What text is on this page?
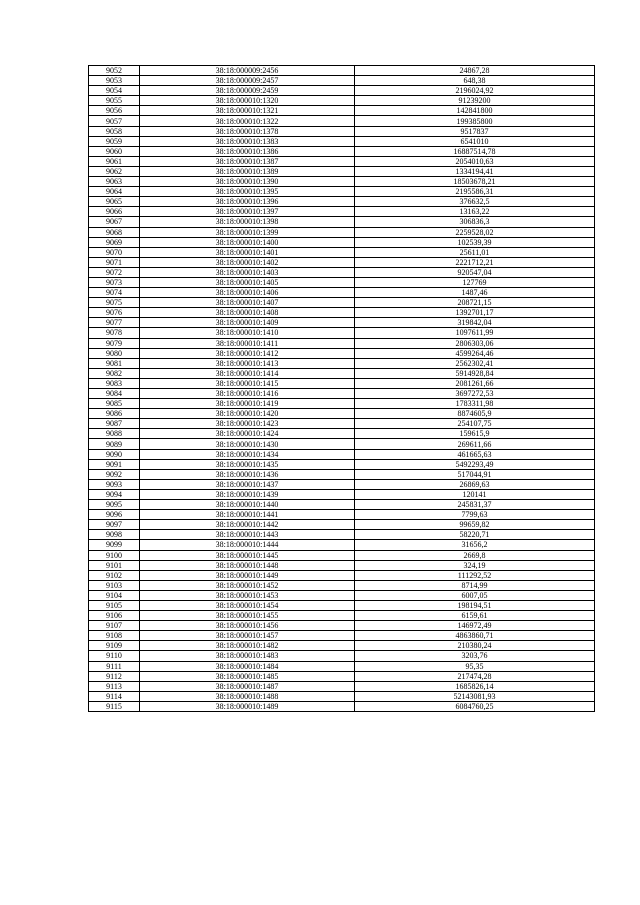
9052	38:18:000009:2456	24867,28
9053	38:18:000009:2457	648,38
9054	38:18:000009:2459	2196024,92
9055	38:18:000010:1320	91239200
9056	38:18:000010:1321	142841800
9057	38:18:000010:1322	199385800
9058	38:18:000010:1378	9517837
9059	38:18:000010:1383	6541010
9060	38:18:000010:1386	16887514,78
9061	38:18:000010:1387	2054010,63
9062	38:18:000010:1389	1334194,41
9063	38:18:000010:1390	18503678,21
9064	38:18:000010:1395	2195586,31
9065	38:18:000010:1396	376632,5
9066	38:18:000010:1397	13163,22
9067	38:18:000010:1398	306836,3
9068	38:18:000010:1399	2259528,02
9069	38:18:000010:1400	102539,39
9070	38:18:000010:1401	25611,01
9071	38:18:000010:1402	2221712,21
9072	38:18:000010:1403	920547,04
9073	38:18:000010:1405	127769
9074	38:18:000010:1406	1487,46
9075	38:18:000010:1407	208721,15
9076	38:18:000010:1408	1392701,17
9077	38:18:000010:1409	319842,04
9078	38:18:000010:1410	1097611,99
9079	38:18:000010:1411	2806303,06
9080	38:18:000010:1412	4599264,46
9081	38:18:000010:1413	2562302,41
9082	38:18:000010:1414	5914928,84
9083	38:18:000010:1415	2081261,66
9084	38:18:000010:1416	3697272,53
9085	38:18:000010:1419	1783311,98
9086	38:18:000010:1420	8874605,9
9087	38:18:000010:1423	254107,75
9088	38:18:000010:1424	159615,9
9089	38:18:000010:1430	269611,66
9090	38:18:000010:1434	461665,63
9091	38:18:000010:1435	5492293,49
9092	38:18:000010:1436	517044,91
9093	38:18:000010:1437	26869,63
9094	38:18:000010:1439	120141
9095	38:18:000010:1440	245831,37
9096	38:18:000010:1441	7799,63
9097	38:18:000010:1442	99659,82
9098	38:18:000010:1443	58220,71
9099	38:18:000010:1444	31656,2
9100	38:18:000010:1445	2669,8
9101	38:18:000010:1448	324,19
9102	38:18:000010:1449	111292,52
9103	38:18:000010:1452	8714,99
9104	38:18:000010:1453	6007,05
9105	38:18:000010:1454	198194,51
9106	38:18:000010:1455	6159,61
9107	38:18:000010:1456	146972,49
9108	38:18:000010:1457	4863860,71
9109	38:18:000010:1482	210380,24
9110	38:18:000010:1483	3203,76
9111	38:18:000010:1484	95,35
9112	38:18:000010:1485	217474,28
9113	38:18:000010:1487	1685826,14
9114	38:18:000010:1488	52143081,93
9115	38:18:000010:1489	6084760,25
